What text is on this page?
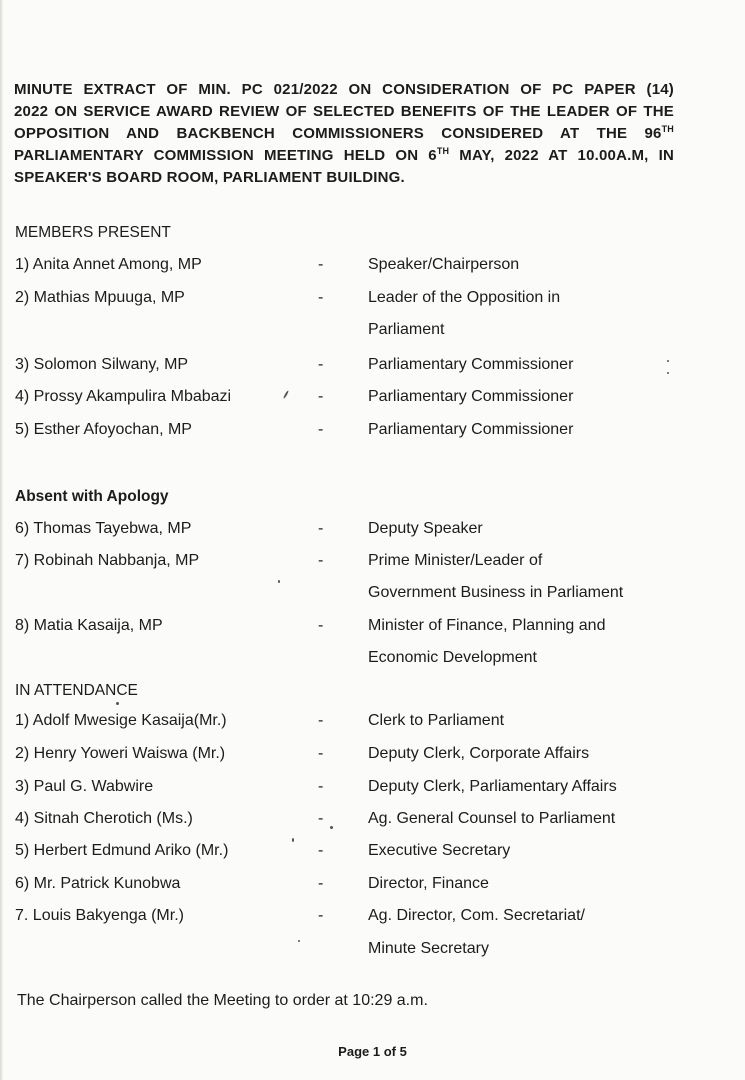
MINUTE EXTRACT OF MIN. PC 021/2022 ON CONSIDERATION OF PC PAPER (14)
2022 ON SERVICE AWARD REVIEW OF SELECTED BENEFITS OF THE LEADER OF THE
OPPOSITION AND BACKBENCH COMMISSIONERS CONSIDERED AT THE 96TH
PARLIAMENTARY COMMISSION MEETING HELD ON 6TH MAY, 2022 AT 10.00A.M, IN
SPEAKER'S BOARD ROOM, PARLIAMENT BUILDING.
MEMBERS PRESENT
1) Anita Annet Among, MP	-	Speaker/Chairperson
2) Mathias Mpuuga, MP	-	Leader of the Opposition in
Parliament
3) Solomon Silwany, MP	-	Parliamentary Commissioner
4) Prossy Akampulira Mbabazi	-	Parliamentary Commissioner
5) Esther Afoyochan, MP	-	Parliamentary Commissioner
Absent with Apology
6) Thomas Tayebwa, MP	-	Deputy Speaker
7) Robinah Nabbanja, MP	-	Prime Minister/Leader of
Government Business in Parliament
8) Matia Kasaija, MP	-	Minister of Finance, Planning and
Economic Development
IN ATTENDANCE
1) Adolf Mwesige Kasaija(Mr.)	-	Clerk to Parliament
2) Henry Yoweri Waiswa (Mr.)	-	Deputy Clerk, Corporate Affairs
3) Paul G. Wabwire	-	Deputy Clerk, Parliamentary Affairs
4) Sitnah Cherotich (Ms.)	-	Ag. General Counsel to Parliament
5) Herbert Edmund Ariko (Mr.)	-	Executive Secretary
6) Mr. Patrick Kunobwa	-	Director, Finance
7. Louis Bakyenga (Mr.)	-	Ag. Director, Com. Secretariat/
Minute Secretary
The Chairperson called the Meeting to order at 10:29 a.m.
Page 1 of 5
